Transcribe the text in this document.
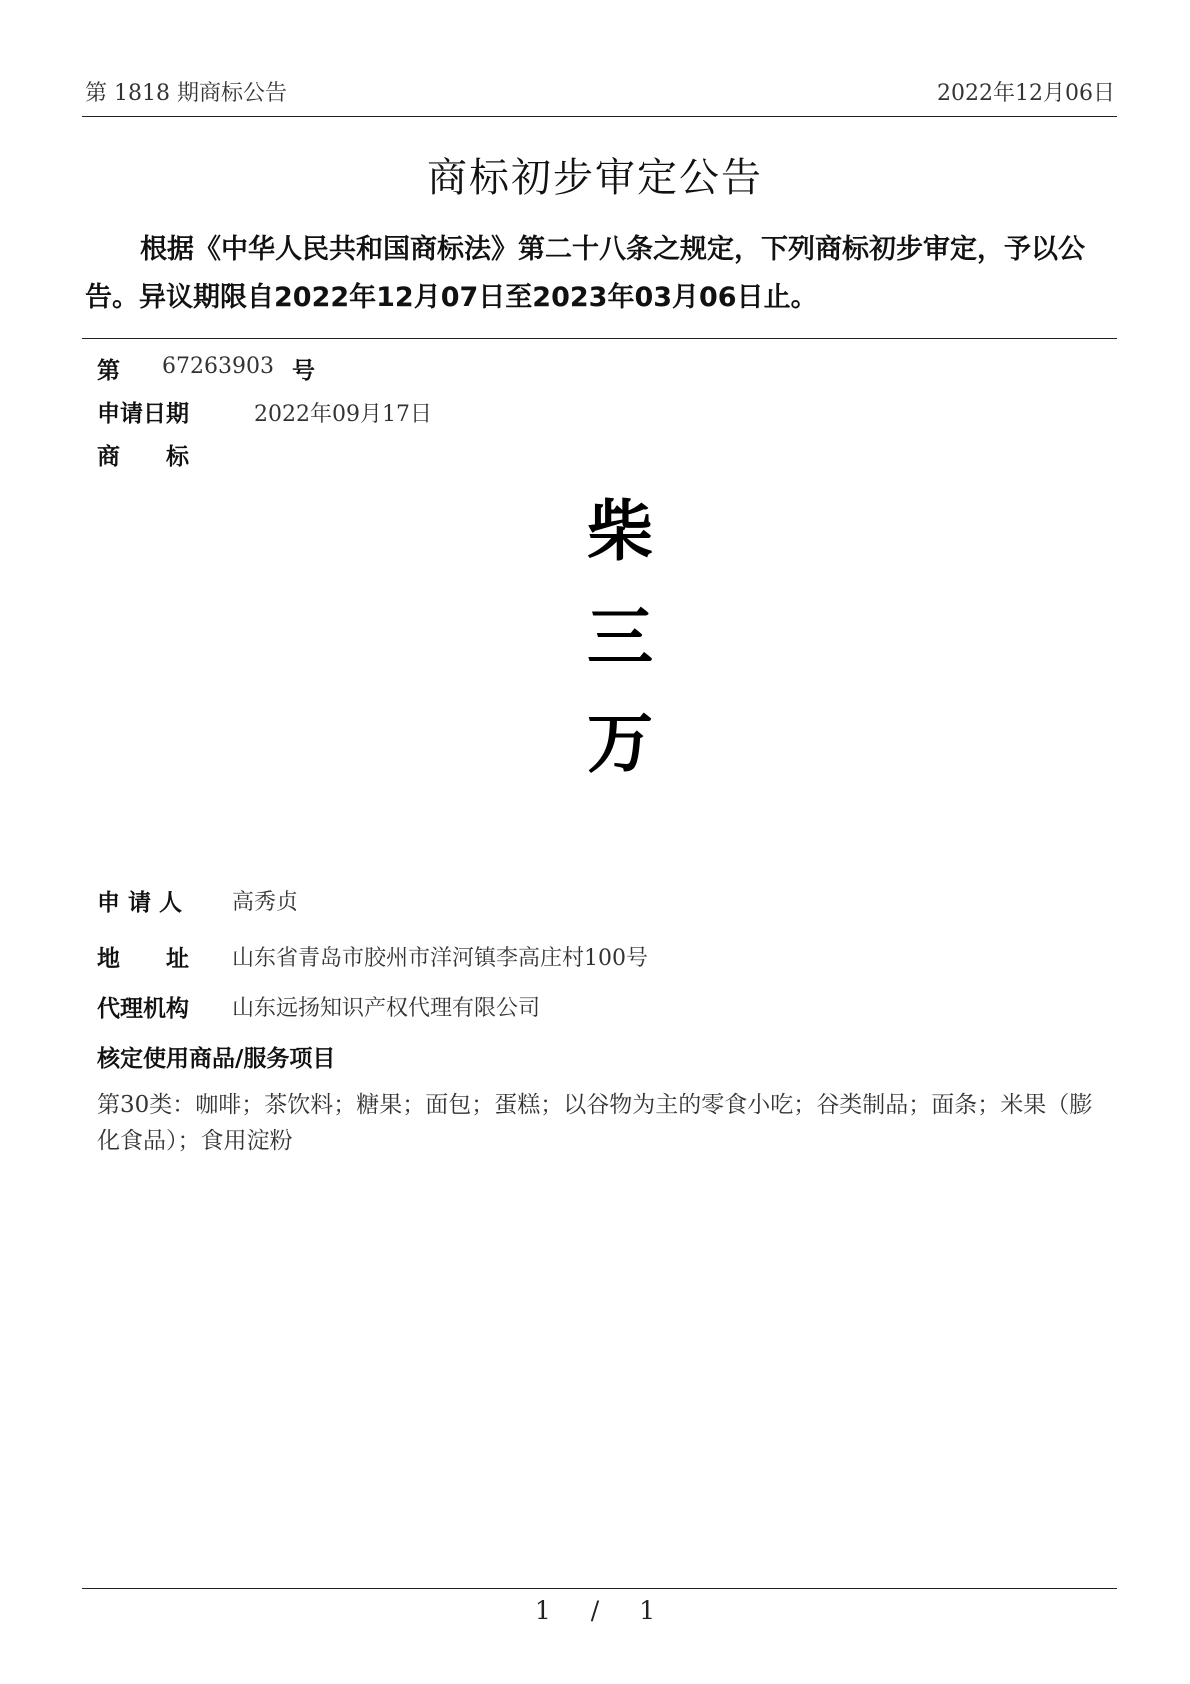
第 1818 期商标公告	2022年12月06日
商标初步审定公告
根据《中华人民共和国商标法》第二十八条之规定，下列商标初步审定，予以公告。异议期限自2022年12月07日至2023年03月06日止。
第 67263903 号
申请日期	2022年09月17日
商　　标
柴
三
万
申 请 人 高秀贞
地　　址 山东省青岛市胶州市洋河镇李高庄村100号
代理机构 山东远扬知识产权代理有限公司
核定使用商品/服务项目
第30类：咖啡；茶饮料；糖果；面包；蛋糕；以谷物为主的零食小吃；谷类制品；面条；米果（膨化食品）；食用淀粉
1 / 1
